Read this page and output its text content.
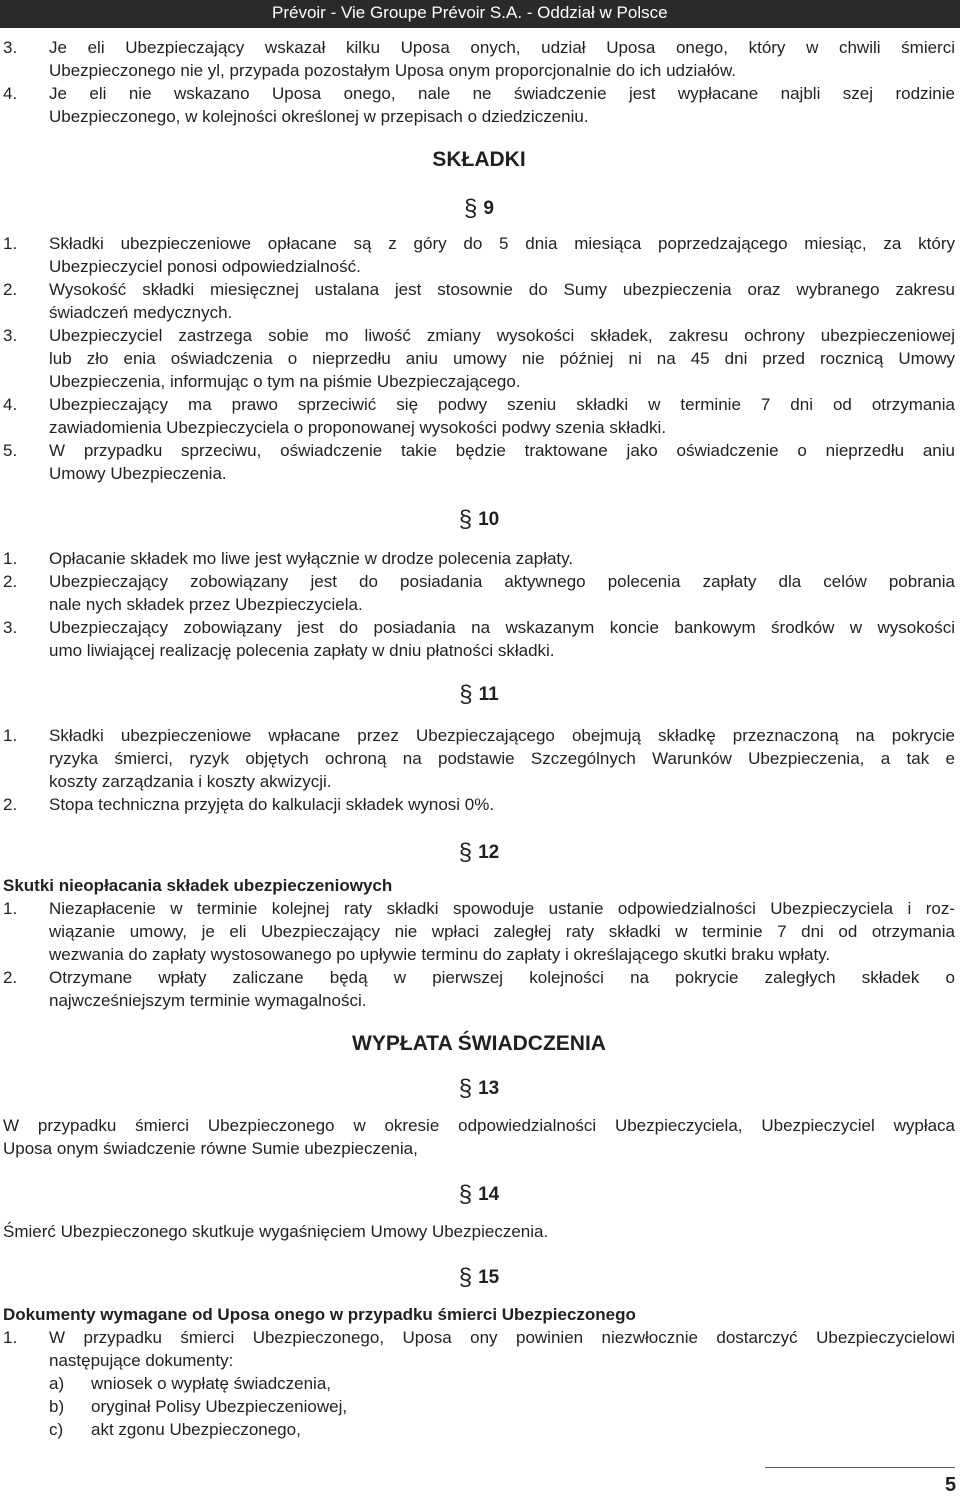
Prévoir - Vie Groupe Prévoir S.A. - Oddział w Polsce
3. Je eli Ubezpieczający wskazał kilku Uposa onych, udział Uposa onego, który w chwili śmierci
Ubezpieczonego nie yl, przypada pozostałym Uposa onym proporcjonalnie do ich udziałów.
4. Je eli nie wskazano Uposa onego, nale ne świadczenie jest wypłacane najbli szej rodzinie
Ubezpieczonego, w kolejności określonej w przepisach o dziedziczeniu.
SKŁADKI
§ 9
1. Składki ubezpieczeniowe opłacane są z góry do 5 dnia miesiąca poprzedzającego miesiąc, za który
Ubezpieczyciel ponosi odpowiedzialność.
2. Wysokość składki miesięcznej ustalana jest stosownie do Sumy ubezpieczenia oraz wybranego zakresu
świadczeń medycznych.
3. Ubezpieczyciel zastrzega sobie mo liwość zmiany wysokości składek, zakresu ochrony ubezpieczeniowej
lub zło enia oświadczenia o nieprzedłu aniu umowy nie później ni na 45 dni przed rocznicą Umowy
Ubezpieczenia, informując o tym na piśmie Ubezpieczającego.
4. Ubezpieczający ma prawo sprzeciwić się podwy szeniu składki w terminie 7 dni od otrzymania
zawiadomienia Ubezpieczyciela o proponowanej wysokości podwy szenia składki.
5. W przypadku sprzeciwu, oświadczenie takie będzie traktowane jako oświadczenie o nieprzedłu aniu
Umowy Ubezpieczenia.
§ 10
1. Opłacanie składek mo liwe jest wyłącznie w drodze polecenia zapłaty.
2. Ubezpieczający zobowiązany jest do posiadania aktywnego polecenia zapłaty dla celów pobrania
nale nych składek przez Ubezpieczyciela.
3. Ubezpieczający zobowiązany jest do posiadania na wskazanym koncie bankowym środków w wysokości
umo liwiającej realizację polecenia zapłaty w dniu płatności składki.
§ 11
1. Składki ubezpieczeniowe wpłacane przez Ubezpieczającego obejmują składkę przeznaczoną na pokrycie
ryzyka śmierci, ryzyk objętych ochroną na podstawie Szczególnych Warunków Ubezpieczenia, a tak e
koszty zarządzania i koszty akwizycji.
2. Stopa techniczna przyjęta do kalkulacji składek wynosi 0%.
§ 12
Skutki nieopłacania składek ubezpieczeniowych
1. Niezapłacenie w terminie kolejnej raty składki spowoduje ustanie odpowiedzialności Ubezpieczyciela i roz-
wiązanie umowy, je eli Ubezpieczający nie wpłaci zaległej raty składki w terminie 7 dni od otrzymania
wezwania do zapłaty wystosowanego po upływie terminu do zapłaty i określającego skutki braku wpłaty.
2. Otrzymane wpłaty zaliczane będą w pierwszej kolejności na pokrycie zaległych składek o
najwcześniejszym terminie wymagalności.
WYPŁATA ŚWIADCZENIA
§ 13
W przypadku śmierci Ubezpieczonego w okresie odpowiedzialności Ubezpieczyciela, Ubezpieczyciel wypłaca
Uposa onym świadczenie równe Sumie ubezpieczenia,
§ 14
Śmierć Ubezpieczonego skutkuje wygaśnięciem Umowy Ubezpieczenia.
§ 15
Dokumenty wymagane od Uposa onego w przypadku śmierci Ubezpieczonego
1. W przypadku śmierci Ubezpieczonego, Uposa ony powinien niezwłocznie dostarczyć Ubezpieczycielowi
następujące dokumenty:
a) wniosek o wypłatę świadczenia,
b) oryginał Polisy Ubezpieczeniowej,
c) akt zgonu Ubezpieczonego,
5
